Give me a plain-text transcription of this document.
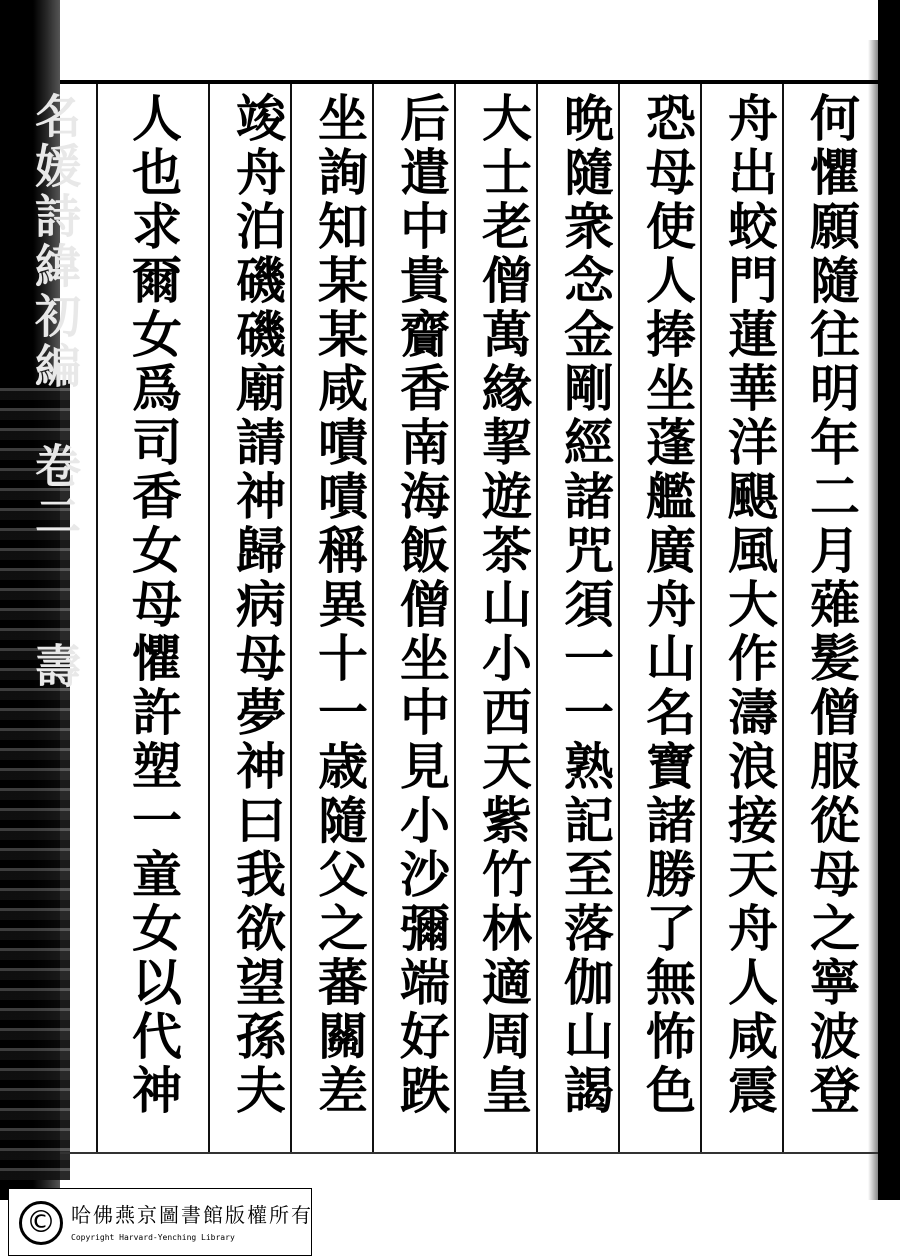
何懼願隨往明年二月薙髪僧服從母之寧波登
舟出蛟門蓮華洋颶風大作濤浪接天舟人咸震
恐母使人捧坐蓬艦廣舟山名寶諸勝了無怖色
晩隨衆念金剛經諸咒須一一熟記至落伽山謁
大士老僧萬緣挈遊茶山小西天紫竹林適周皇
后遣中貴齎香南海飯僧坐中見小沙彌端好跌
坐詢知某某咸嘖嘖稱異十一歳隨父之蕃關差
竣舟泊磯磯廟請神歸病母夢神曰我欲望孫夫
人也求爾女爲司香女母懼許塑一童女以代神
名媛詩緯初編　卷二　　壽
© 哈佛燕京圖書館版權所有
Copyright Harvard-Yenching Library
